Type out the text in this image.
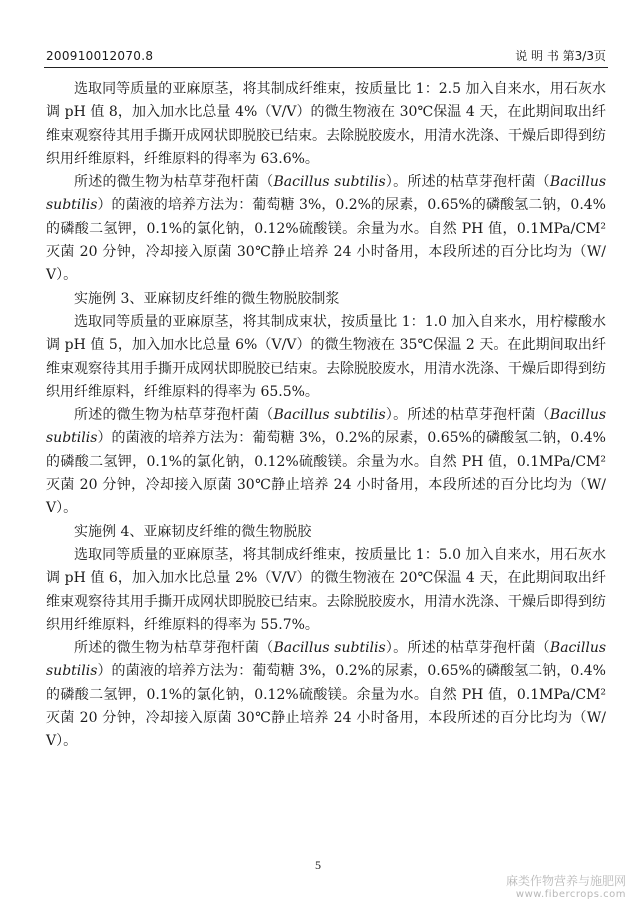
200910012070.8	说 明 书 第3/3页

选取同等质量的亚麻原茎，将其制成纤维束，按质量比 1：2.5 加入自来水，用石灰水调 pH 值 8，加入加水比总量 4%（V/V）的微生物液在 30℃保温 4 天，在此期间取出纤维束观察待其用手撕开成网状即脱胶已结束。去除脱胶废水，用清水洗涤、干燥后即得到纺织用纤维原料，纤维原料的得率为 63.6%。

所述的微生物为枯草芽孢杆菌（Bacillus subtilis）。所述的枯草芽孢杆菌（Bacillus subtilis）的菌液的培养方法为：葡萄糖 3%，0.2%的尿素，0.65%的磷酸氢二钠，0.4%的磷酸二氢钾，0.1%的氯化钠，0.12%硫酸镁。余量为水。自然 PH 值，0.1MPa/CM²灭菌 20 分钟，冷却接入原菌 30℃静止培养 24 小时备用，本段所述的百分比均为（W/V）。

实施例 3、亚麻韧皮纤维的微生物脱胶制浆

选取同等质量的亚麻原茎，将其制成束状，按质量比 1：1.0 加入自来水，用柠檬酸水调 pH 值 5，加入加水比总量 6%（V/V）的微生物液在 35℃保温 2 天。在此期间取出纤维束观察待其用手撕开成网状即脱胶已结束。去除脱胶废水，用清水洗涤、干燥后即得到纺织用纤维原料，纤维原料的得率为 65.5%。

所述的微生物为枯草芽孢杆菌（Bacillus subtilis）。所述的枯草芽孢杆菌（Bacillus subtilis）的菌液的培养方法为：葡萄糖 3%，0.2%的尿素，0.65%的磷酸氢二钠，0.4%的磷酸二氢钾，0.1%的氯化钠，0.12%硫酸镁。余量为水。自然 PH 值，0.1MPa/CM²灭菌 20 分钟，冷却接入原菌 30℃静止培养 24 小时备用，本段所述的百分比均为（W/V）。

实施例 4、亚麻韧皮纤维的微生物脱胶

选取同等质量的亚麻原茎，将其制成纤维束，按质量比 1：5.0 加入自来水，用石灰水调 pH 值 6，加入加水比总量 2%（V/V）的微生物液在 20℃保温 4 天，在此期间取出纤维束观察待其用手撕开成网状即脱胶已结束。去除脱胶废水，用清水洗涤、干燥后即得到纺织用纤维原料，纤维原料的得率为 55.7%。

所述的微生物为枯草芽孢杆菌（Bacillus subtilis）。所述的枯草芽孢杆菌（Bacillus subtilis）的菌液的培养方法为：葡萄糖 3%，0.2%的尿素，0.65%的磷酸氢二钠，0.4%的磷酸二氢钾，0.1%的氯化钠，0.12%硫酸镁。余量为水。自然 PH 值，0.1MPa/CM²灭菌 20 分钟，冷却接入原菌 30℃静止培养 24 小时备用，本段所述的百分比均为（W/V）。

5
麻类作物营养与施肥网
www.fibercrops.com
